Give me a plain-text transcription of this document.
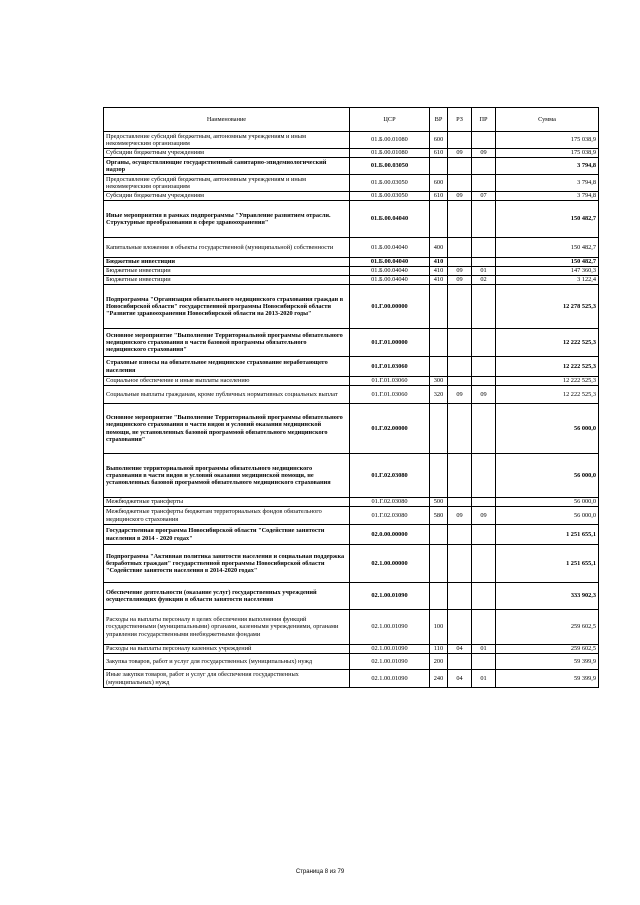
Наименование	ЦСР	ВР	РЗ	ПР	Сумма
Предоставление субсидий бюджетным, автономным учреждениям и иным некоммерческим организациям	01.Б.00.01080	600			175 038,9
Субсидии бюджетным учреждениям	01.Б.00.01080	610	09	09	175 038,9
Органы, осуществляющие государственный санитарно-эпидемиологический надзор	01.Б.00.03050				3 794,8
Предоставление субсидий бюджетным, автономным учреждениям и иным некоммерческим организациям	01.Б.00.03050	600			3 794,8
Субсидии бюджетным учреждениям	01.Б.00.03050	610	09	07	3 794,8
Иные мероприятия в рамках подпрограммы "Управление развитием отрасли. Структурные преобразования в сфере здравоохранения"	01.Б.00.04040				150 482,7
Капитальные вложения в объекты государственной (муниципальной) собственности	01.Б.00.04040	400			150 482,7
Бюджетные инвестиции	01.Б.00.04040	410			150 482,7
Бюджетные инвестиции	01.Б.00.04040	410	09	01	147 360,3
Бюджетные инвестиции	01.Б.00.04040	410	09	02	3 122,4
Подпрограмма "Организация обязательного медицинского страхования граждан в Новосибирской области" государственной программы Новосибирской области "Развитие здравоохранения Новосибирской области на 2013-2020 годы"	01.Г.00.00000				12 278 525,3
Основное мероприятие "Выполнение Территориальной программы обязательного медицинского страхования в части базовой программы обязательного медицинского страхования"	01.Г.01.00000				12 222 525,3
Страховые взносы на обязательное медицинское страхование неработающего населения	01.Г.01.03060				12 222 525,3
Социальное обеспечение и иные выплаты населению	01.Г.01.03060	300			12 222 525,3
Социальные выплаты гражданам, кроме публичных нормативных социальных выплат	01.Г.01.03060	320	09	09	12 222 525,3
Основное мероприятие "Выполнение Территориальной программы обязательного медицинского страхования в части видов и условий оказания медицинской помощи, не установленных базовой программой обязательного медицинского страхования"	01.Г.02.00000				56 000,0
Выполнение территориальной программы обязательного медицинского страхования в части видов и условий оказания медицинской помощи, не установленных базовой программой обязательного медицинского страхования	01.Г.02.03080				56 000,0
Межбюджетные трансферты	01.Г.02.03080	500			56 000,0
Межбюджетные трансферты бюджетам территориальных фондов обязательного медицинского страхования	01.Г.02.03080	580	09	09	56 000,0
Государственная программа Новосибирской области "Содействие занятости населения в 2014 - 2020 годах"	02.0.00.00000				1 251 655,1
Подпрограмма "Активная политика занятости населения и социальная поддержка безработных граждан" государственной программы Новосибирской области "Содействие занятости населения в 2014-2020 годах"	02.1.00.00000				1 251 655,1
Обеспечение деятельности (оказание услуг) государственных учреждений осуществляющих функции в области занятости населения	02.1.00.01090				333 902,3
Расходы на выплаты персоналу в целях обеспечения выполнения функций государственными (муниципальными) органами, казенными учреждениями, органами управления государственными внебюджетными фондами	02.1.00.01090	100			259 602,5
Расходы на выплаты персоналу казенных учреждений	02.1.00.01090	110	04	01	259 602,5
Закупка товаров, работ и услуг для государственных (муниципальных) нужд	02.1.00.01090	200			59 399,9
Иные закупки товаров, работ и услуг для обеспечения государственных (муниципальных) нужд	02.1.00.01090	240	04	01	59 399,9
Страница 8 из 79
